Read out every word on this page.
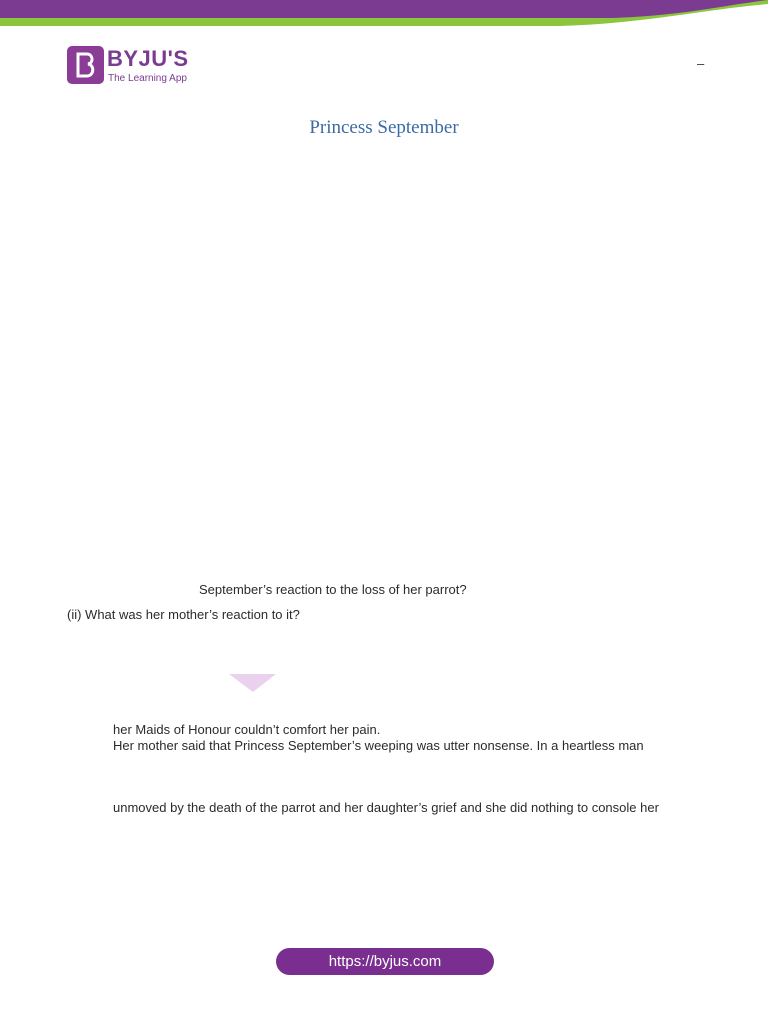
BYJU'S
The Learning App
–
Princess September
September’s reaction to the loss of her parrot?
(ii) What was her mother’s reaction to it?
her Maids of Honour couldn’t comfort her pain.
Her mother said that Princess September’s weeping was utter nonsense. In a heartless man
unmoved by the death of the parrot and her daughter’s grief and she did nothing to console her
https://byjus.com
